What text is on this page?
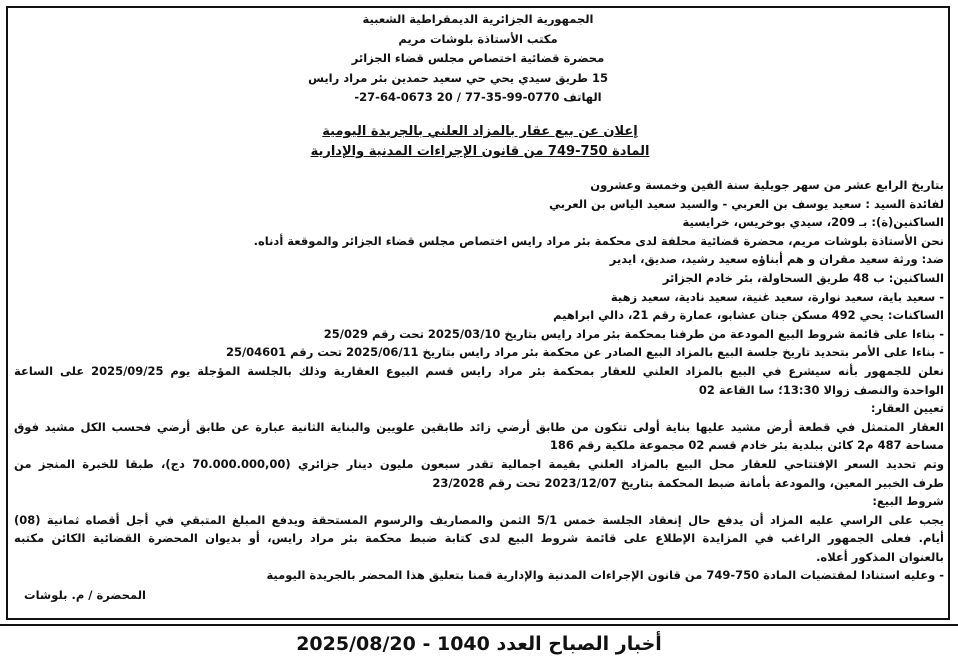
الجمهورية الجزائرية الديمقراطية الشعبية
مكتب الأستاذة بلوشات مريم
محضرة قضائية اختصاص مجلس قضاء الجزائر
15 طريق سيدي يحي حي سعيد حمدين بئر مراد رايس
الهاتف 0770-99-35-77 / 20 0673-64-27-
إعلان عن بيع عقار بالمزاد العلني بالجريدة اليومية
المادة 750-749 من قانون الإجراءات المدنية والإدارية
بتاريخ الرابع عشر من سهر جويلية سنة الفين وخمسة وعشرون
لفائدة السيد : سعيد يوسف بن العربي - والسيد سعيد الياس بن العربي
الساكنين(ة): بـ 209، سيدي بوخريس، خرايسية
نحن الأستاذة بلوشات مريم، محضرة قضائية محلفة لدى محكمة بئر مراد رايس اختصاص مجلس قضاء الجزائر والموقعة أدناه.
ضد: ورثة سعيد مقران و هم أبناؤه سعيد رشيد، صديق، ايدير
الساكنين: ب 48 طريق السحاولة، بئر خادم الجزائر
- سعيد باية، سعيد نوارة، سعيد غنية، سعيد نادية، سعيد زهية
الساكنات: يحي 492 مسكن جنان عشابو، عمارة رقم 21، دالي ابراهيم
- بناءا على قائمة شروط البيع المودعة من طرفنا بمحكمة بئر مراد رايس بتاريخ 2025/03/10 تحت رقم 25/029
- بناءا على الأمر بتحديد تاريخ جلسة البيع بالمزاد البيع الصادر عن محكمة بئر مراد رايس بتاريخ 2025/06/11 تحت رقم 25/04601
نعلن للجمهور بأنه سيشرع في البيع بالمزاد العلني للعقار بمحكمة بئر مراد رايس قسم البيوع العقارية وذلك بالجلسة المؤجلة يوم 2025/09/25 على الساعة
الواحدة والنصف زوالا 13:30؛ سا القاعة 02
تعيين العقار:
العقار المتمثل في قطعة أرض مشيد عليها بناية أولى تتكون من طابق أرضي زائد طابقين علويين والبناية الثانية عبارة عن طابق أرضي فحسب الكل مشيد فوق
مساحة 487 م2 كائن ببلدية بئر خادم قسم 02 مجموعة ملكية رقم 186
وتم تحديد السعر الإفتتاحي للعقار محل البيع بالمزاد العلني بقيمة اجمالية تقدر سبعون مليون دينار جزائري (70.000.000,00 دج)، طبقا للخبرة المنجز من
طرف الخبير المعين، والمودعة بأمانة ضبط المحكمة بتاريخ 2023/12/07 تحت رقم 23/2028
شروط البيع:
يجب على الراسي عليه المزاد أن يدفع حال إنعقاد الجلسة خمس 5/1 الثمن والمصاريف والرسوم المستحقة ويدفع المبلغ المتبقي في أجل أقصاه ثمانية (08)
أيام. فعلى الجمهور الراغب في المزايدة الإطلاع على قائمة شروط البيع لدى كتابة ضبط محكمة بئر مراد رايس، أو بديوان المحضرة القضائية الكائن مكتبه
بالعنوان المذكور أعلاه.
- وعليه استنادا لمقتضيات المادة 750-749 من قانون الإجراءات المدنية والإدارية قمنا بتعليق هذا المحضر بالجريدة اليومية
المحضرة / م. بلوشات
أخبار الصباح العدد 1040 -

2025/08/20
